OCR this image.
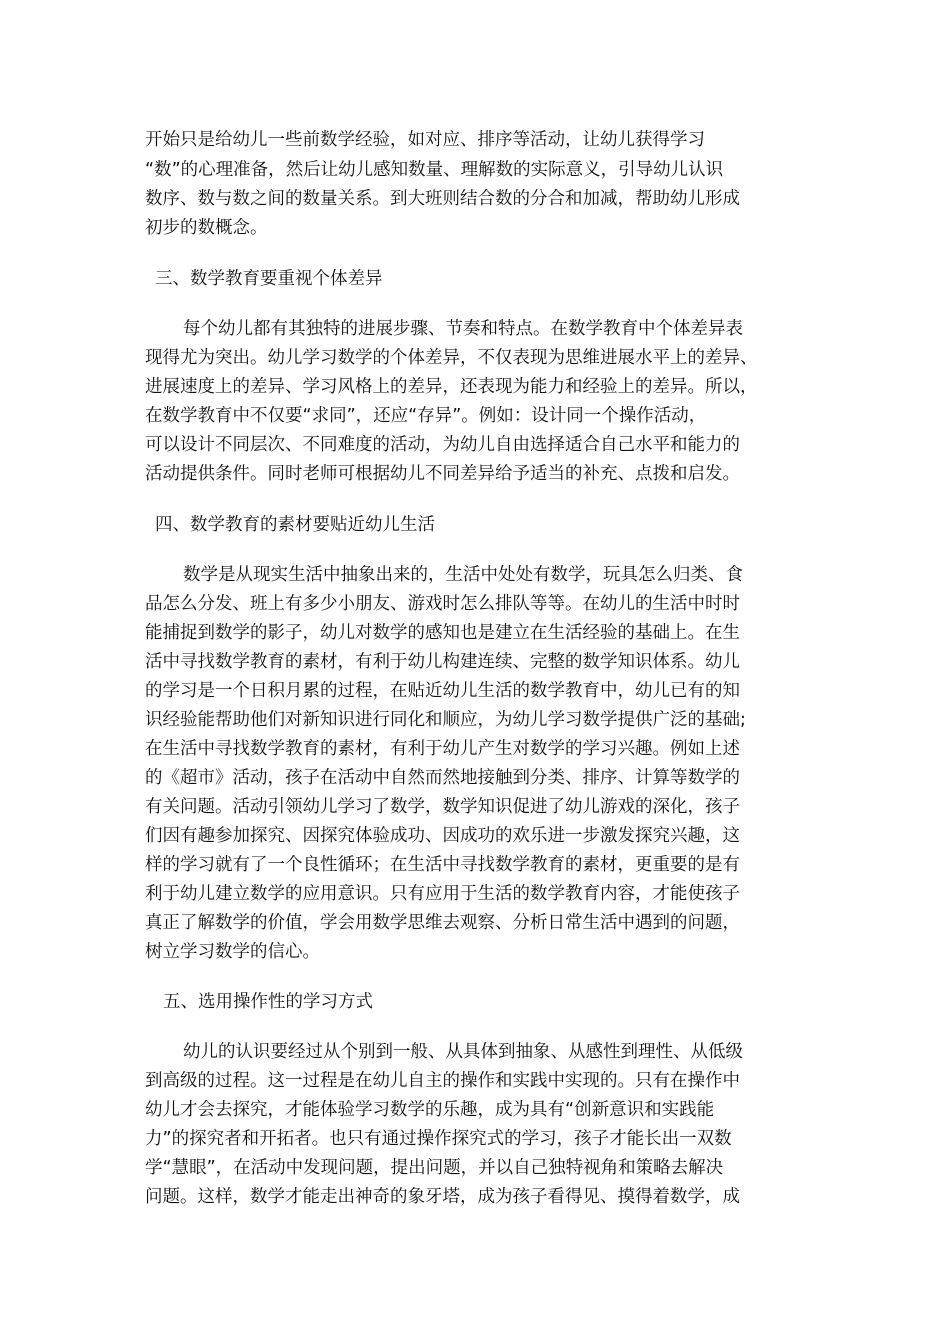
开始只是给幼儿一些前数学经验，如对应、排序等活动，让幼儿获得学习
“数”的心理准备，然后让幼儿感知数量、理解数的实际意义，引导幼儿认识
数序、数与数之间的数量关系。到大班则结合数的分合和加减，帮助幼儿形成
初步的数概念。
三、数学教育要重视个体差异
每个幼儿都有其独特的进展步骤、节奏和特点。在数学教育中个体差异表
现得尤为突出。幼儿学习数学的个体差异，不仅表现为思维进展水平上的差异、
进展速度上的差异、学习风格上的差异，还表现为能力和经验上的差异。所以，
在数学教育中不仅要“求同”，还应“存异”。例如：设计同一个操作活动，
可以设计不同层次、不同难度的活动，为幼儿自由选择适合自己水平和能力的
活动提供条件。同时老师可根据幼儿不同差异给予适当的补充、点拨和启发。
四、数学教育的素材要贴近幼儿生活
数学是从现实生活中抽象出来的，生活中处处有数学，玩具怎么归类、食
品怎么分发、班上有多少小朋友、游戏时怎么排队等等。在幼儿的生活中时时
能捕捉到数学的影子，幼儿对数学的感知也是建立在生活经验的基础上。在生
活中寻找数学教育的素材，有利于幼儿构建连续、完整的数学知识体系。幼儿
的学习是一个日积月累的过程，在贴近幼儿生活的数学教育中，幼儿已有的知
识经验能帮助他们对新知识进行同化和顺应，为幼儿学习数学提供广泛的基础;
在生活中寻找数学教育的素材，有利于幼儿产生对数学的学习兴趣。例如上述
的《超市》活动，孩子在活动中自然而然地接触到分类、排序、计算等数学的
有关问题。活动引领幼儿学习了数学，数学知识促进了幼儿游戏的深化，孩子
们因有趣参加探究、因探究体验成功、因成功的欢乐进一步激发探究兴趣，这
样的学习就有了一个良性循环；在生活中寻找数学教育的素材，更重要的是有
利于幼儿建立数学的应用意识。只有应用于生活的数学教育内容，才能使孩子
真正了解数学的价值，学会用数学思维去观察、分析日常生活中遇到的问题，
树立学习数学的信心。
五、选用操作性的学习方式
幼儿的认识要经过从个别到一般、从具体到抽象、从感性到理性、从低级
到高级的过程。这一过程是在幼儿自主的操作和实践中实现的。只有在操作中
幼儿才会去探究，才能体验学习数学的乐趣，成为具有“创新意识和实践能
力”的探究者和开拓者。也只有通过操作探究式的学习，孩子才能长出一双数
学“慧眼”，在活动中发现问题，提出问题，并以自己独特视角和策略去解决
问题。这样，数学才能走出神奇的象牙塔，成为孩子看得见、摸得着数学，成
